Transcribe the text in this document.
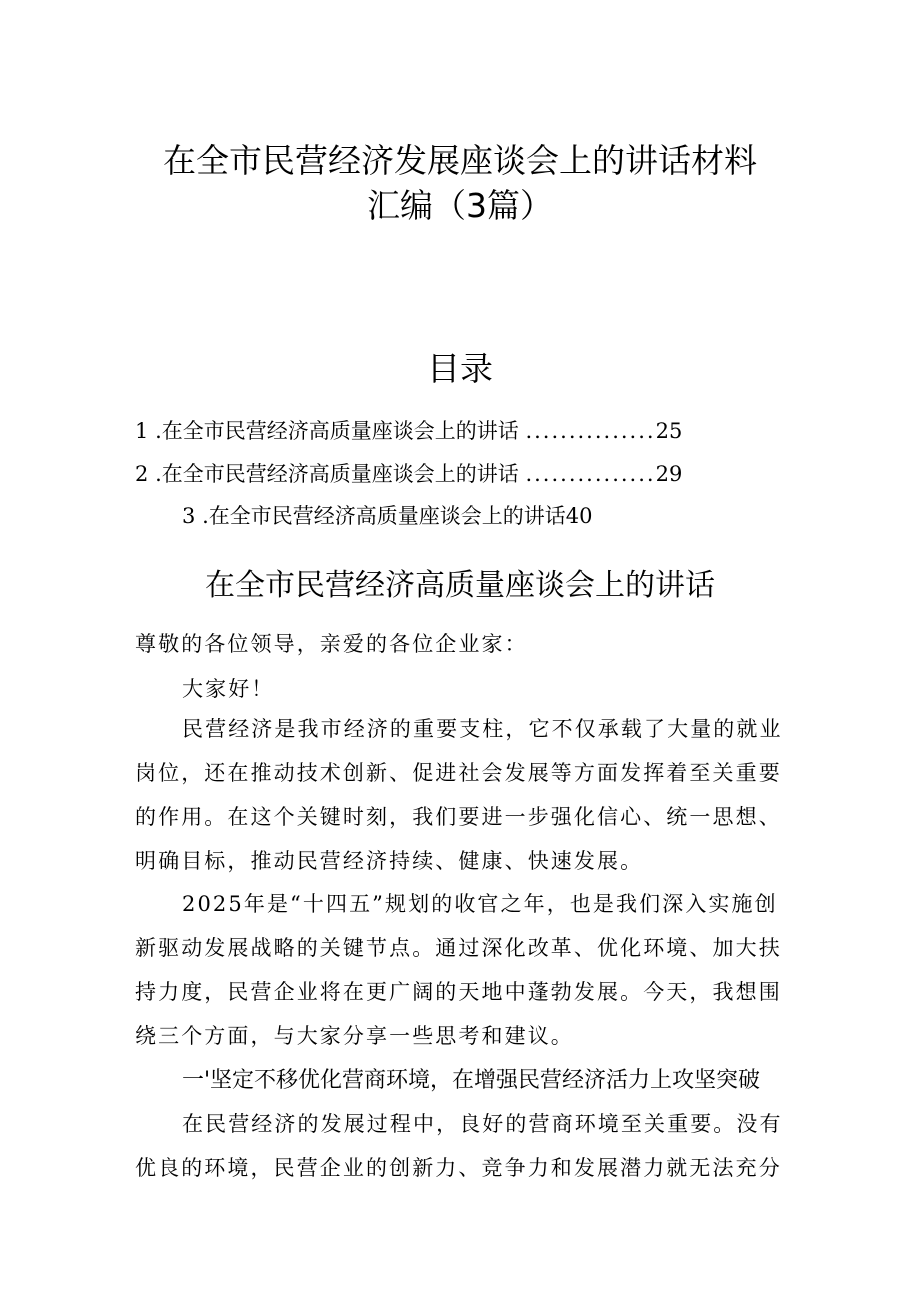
在全市民营经济发展座谈会上的讲话材料
汇编（3篇）
目录
1 .在全市民营经济高质量座谈会上的讲话 ...............25
2 .在全市民营经济高质量座谈会上的讲话 ...............29
3 .在全市民营经济高质量座谈会上的讲话40
在全市民营经济高质量座谈会上的讲话
尊敬的各位领导，亲爱的各位企业家：
大家好！
民营经济是我市经济的重要支柱，它不仅承载了大量的就业
岗位，还在推动技术创新、促进社会发展等方面发挥着至关重要
的作用。在这个关键时刻，我们要进一步强化信心、统一思想、
明确目标，推动民营经济持续、健康、快速发展。
2025年是“十四五”规划的收官之年，也是我们深入实施创
新驱动发展战略的关键节点。通过深化改革、优化环境、加大扶
持力度，民营企业将在更广阔的天地中蓬勃发展。今天，我想围
绕三个方面，与大家分享一些思考和建议。
一'坚定不移优化营商环境，在增强民营经济活力上攻坚突破
在民营经济的发展过程中，良好的营商环境至关重要。没有
优良的环境，民营企业的创新力、竞争力和发展潜力就无法充分
